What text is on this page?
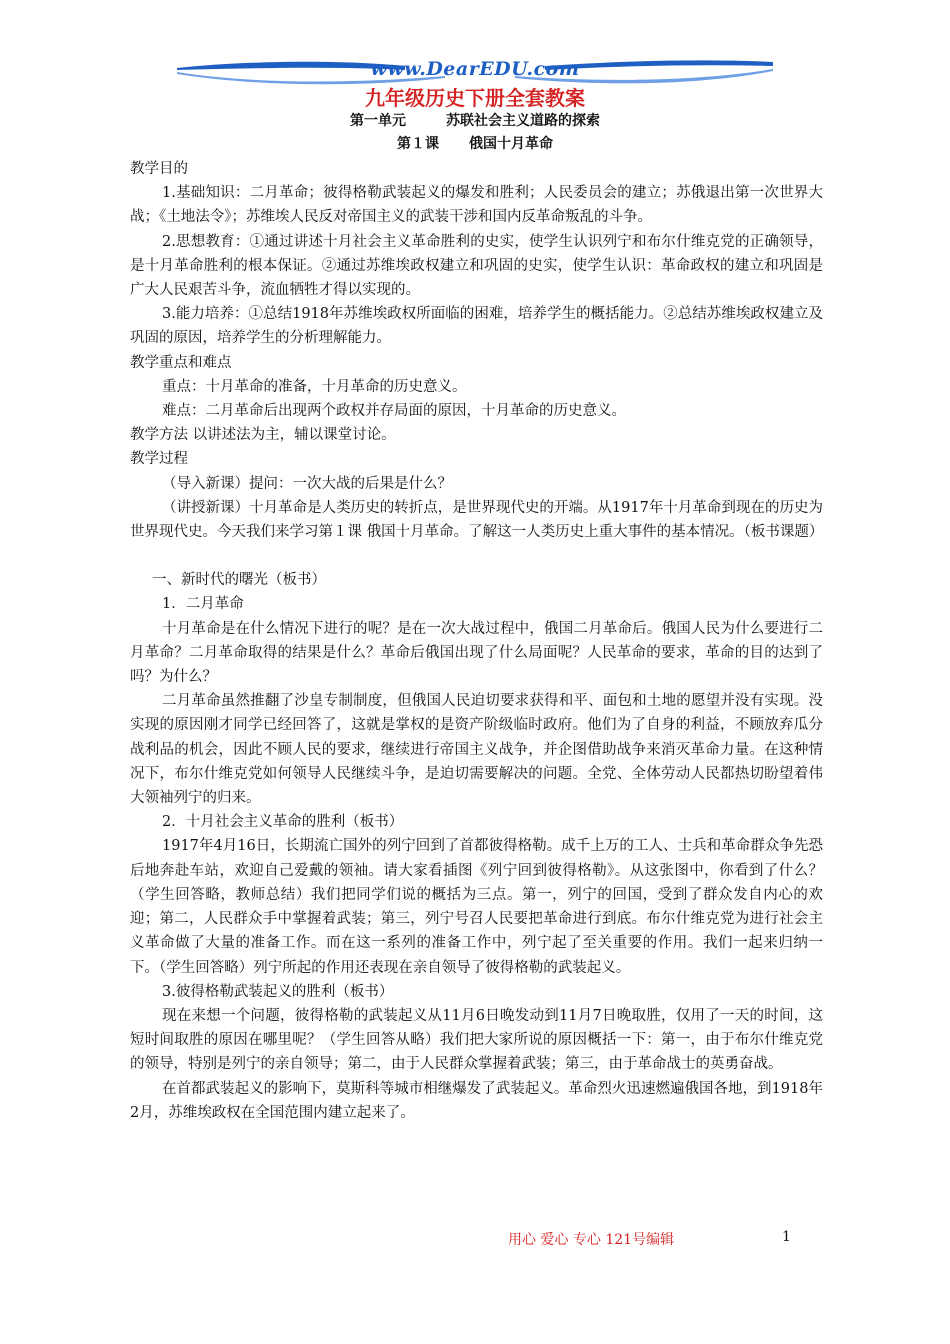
www.DearEDU.com
九年级历史下册全套教案
第一单元	苏联社会主义道路的探索
第１课 俄国十月革命

教学目的

1.基础知识：二月革命；彼得格勒武装起义的爆发和胜利；人民委员会的建立；苏俄退出第一次世界大战；《土地法令》；苏维埃人民反对帝国主义的武装干涉和国内反革命叛乱的斗争。

2.思想教育：①通过讲述十月社会主义革命胜利的史实，使学生认识列宁和布尔什维克党的正确领导，是十月革命胜利的根本保证。②通过苏维埃政权建立和巩固的史实，使学生认识：革命政权的建立和巩固是广大人民艰苦斗争，流血牺牲才得以实现的。

3.能力培养：①总结1918年苏维埃政权所面临的困难，培养学生的概括能力。②总结苏维埃政权建立及巩固的原因，培养学生的分析理解能力。

教学重点和难点

重点：十月革命的准备，十月革命的历史意义。

难点：二月革命后出现两个政权并存局面的原因，十月革命的历史意义。

教学方法 以讲述法为主，辅以课堂讨论。

教学过程

（导入新课）提问：一次大战的后果是什么？

（讲授新课）十月革命是人类历史的转折点，是世界现代史的开端。从1917年十月革命到现在的历史为世界现代史。今天我们来学习第１课 俄国十月革命。了解这一人类历史上重大事件的基本情况。（板书课题）

一、新时代的曙光（板书）

1．二月革命

十月革命是在什么情况下进行的呢？是在一次大战过程中，俄国二月革命后。俄国人民为什么要进行二月革命？二月革命取得的结果是什么？革命后俄国出现了什么局面呢？人民革命的要求，革命的目的达到了吗？为什么？

二月革命虽然推翻了沙皇专制制度，但俄国人民迫切要求获得和平、面包和土地的愿望并没有实现。没实现的原因刚才同学已经回答了，这就是掌权的是资产阶级临时政府。他们为了自身的利益，不顾放弃瓜分战利品的机会，因此不顾人民的要求，继续进行帝国主义战争，并企图借助战争来消灭革命力量。在这种情况下，布尔什维克党如何领导人民继续斗争，是迫切需要解决的问题。全党、全体劳动人民都热切盼望着伟大领袖列宁的归来。

2．十月社会主义革命的胜利（板书）

1917年4月16日，长期流亡国外的列宁回到了首都彼得格勒。成千上万的工人、士兵和革命群众争先恐后地奔赴车站，欢迎自己爱戴的领袖。请大家看插图《列宁回到彼得格勒》。从这张图中，你看到了什么？（学生回答略，教师总结）我们把同学们说的概括为三点。第一，列宁的回国，受到了群众发自内心的欢迎；第二，人民群众手中掌握着武装；第三，列宁号召人民要把革命进行到底。布尔什维克党为进行社会主义革命做了大量的准备工作。而在这一系列的准备工作中，列宁起了至关重要的作用。我们一起来归纳一下。（学生回答略）列宁所起的作用还表现在亲自领导了彼得格勒的武装起义。

3.彼得格勒武装起义的胜利（板书）

现在来想一个问题，彼得格勒的武装起义从11月6日晚发动到11月7日晚取胜，仅用了一天的时间，这短时间取胜的原因在哪里呢？（学生回答从略）我们把大家所说的原因概括一下：第一，由于布尔什维克党的领导，特别是列宁的亲自领导；第二，由于人民群众掌握着武装；第三，由于革命战士的英勇奋战。

在首都武装起义的影响下，莫斯科等城市相继爆发了武装起义。革命烈火迅速燃遍俄国各地，到1918年2月，苏维埃政权在全国范围内建立起来了。

用心 爱心 专心 121号编辑	1
